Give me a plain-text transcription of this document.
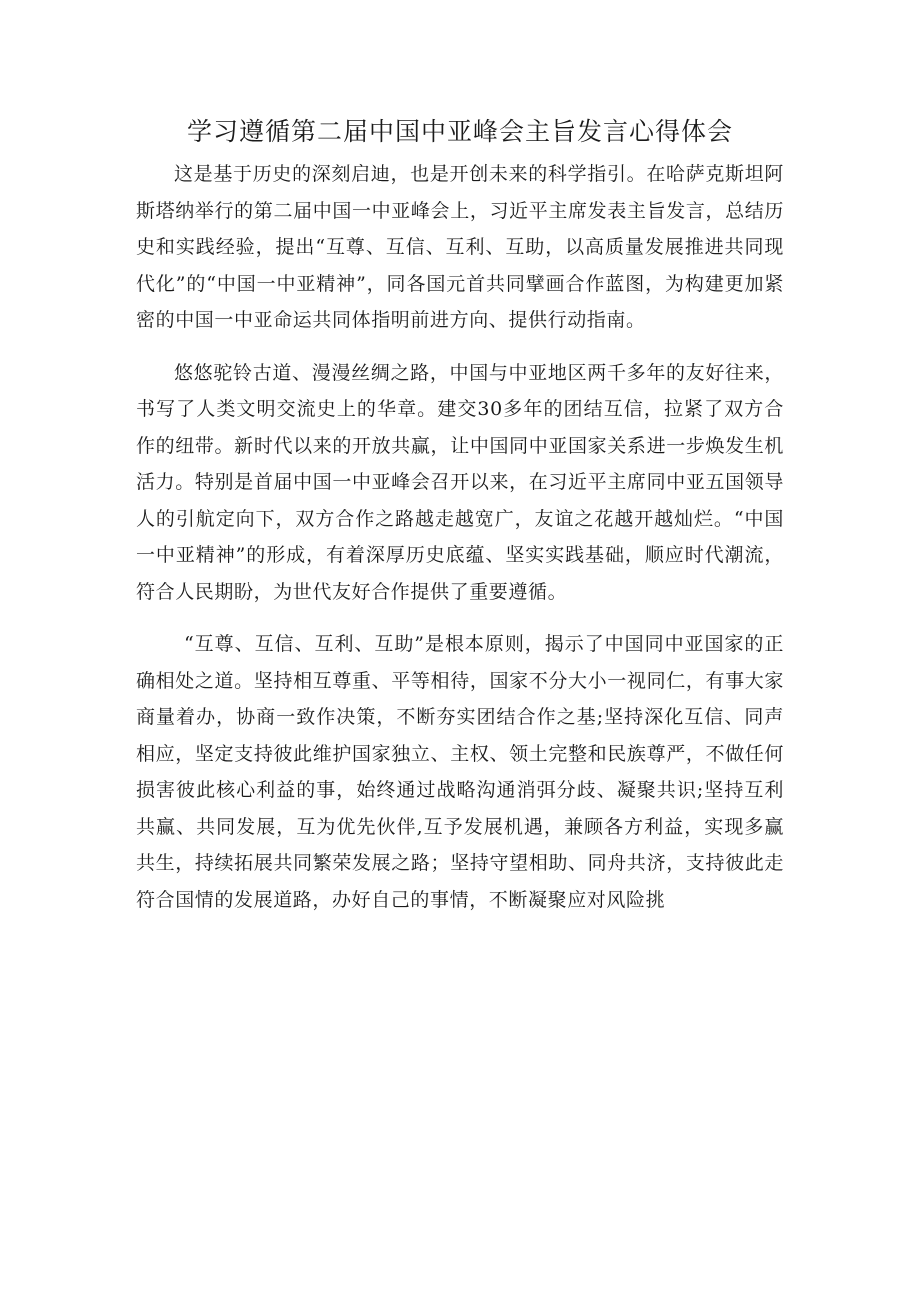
学习遵循第二届中国中亚峰会主旨发言心得体会

这是基于历史的深刻启迪，也是开创未来的科学指引。在哈萨克斯坦阿斯塔纳举行的第二届中国一中亚峰会上，习近平主席发表主旨发言，总结历史和实践经验，提出“互尊、互信、互利、互助，以高质量发展推进共同现代化”的“中国一中亚精神”，同各国元首共同擘画合作蓝图，为构建更加紧密的中国一中亚命运共同体指明前进方向、提供行动指南。

悠悠驼铃古道、漫漫丝绸之路，中国与中亚地区两千多年的友好往来，书写了人类文明交流史上的华章。建交30多年的团结互信，拉紧了双方合作的纽带。新时代以来的开放共赢，让中国同中亚国家关系进一步焕发生机活力。特别是首届中国一中亚峰会召开以来，在习近平主席同中亚五国领导人的引航定向下，双方合作之路越走越宽广，友谊之花越开越灿烂。“中国一中亚精神”的形成，有着深厚历史底蕴、坚实实践基础，顺应时代潮流，符合人民期盼，为世代友好合作提供了重要遵循。

“互尊、互信、互利、互助”是根本原则，揭示了中国同中亚国家的正确相处之道。坚持相互尊重、平等相待，国家不分大小一视同仁，有事大家商量着办，协商一致作决策，不断夯实团结合作之基;坚持深化互信、同声相应，坚定支持彼此维护国家独立、主权、领土完整和民族尊严，不做任何损害彼此核心利益的事，始终通过战略沟通消弭分歧、凝聚共识;坚持互利共赢、共同发展，互为优先伙伴,互予发展机遇，兼顾各方利益，实现多赢共生，持续拓展共同繁荣发展之路；坚持守望相助、同舟共济，支持彼此走符合国情的发展道路，办好自己的事情，不断凝聚应对风险挑
